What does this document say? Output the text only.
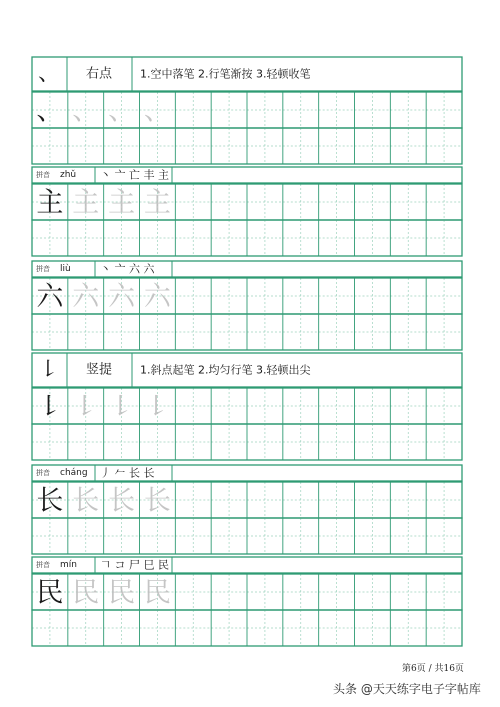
、 右点	1.空中落笔 2.行笔渐按 3.轻顿收笔
、 、 、 、
拼音 zhǔ 丶 亠 亡 丰 主
主 主 主 主
拼音 liù	丶 亠 六 六
六 六 六 六
㇙ 竖提	1.斜点起笔 2.均匀行笔 3.轻顿出尖
㇙ ㇙ ㇙ ㇙
拼音 cháng 丿 𠂉 长 长
长 长 长 长
拼音 mín 𠃍 コ 尸 巳 民
民 民 民 民
第6页 / 共16页
头条 @天天练字电子字帖库
